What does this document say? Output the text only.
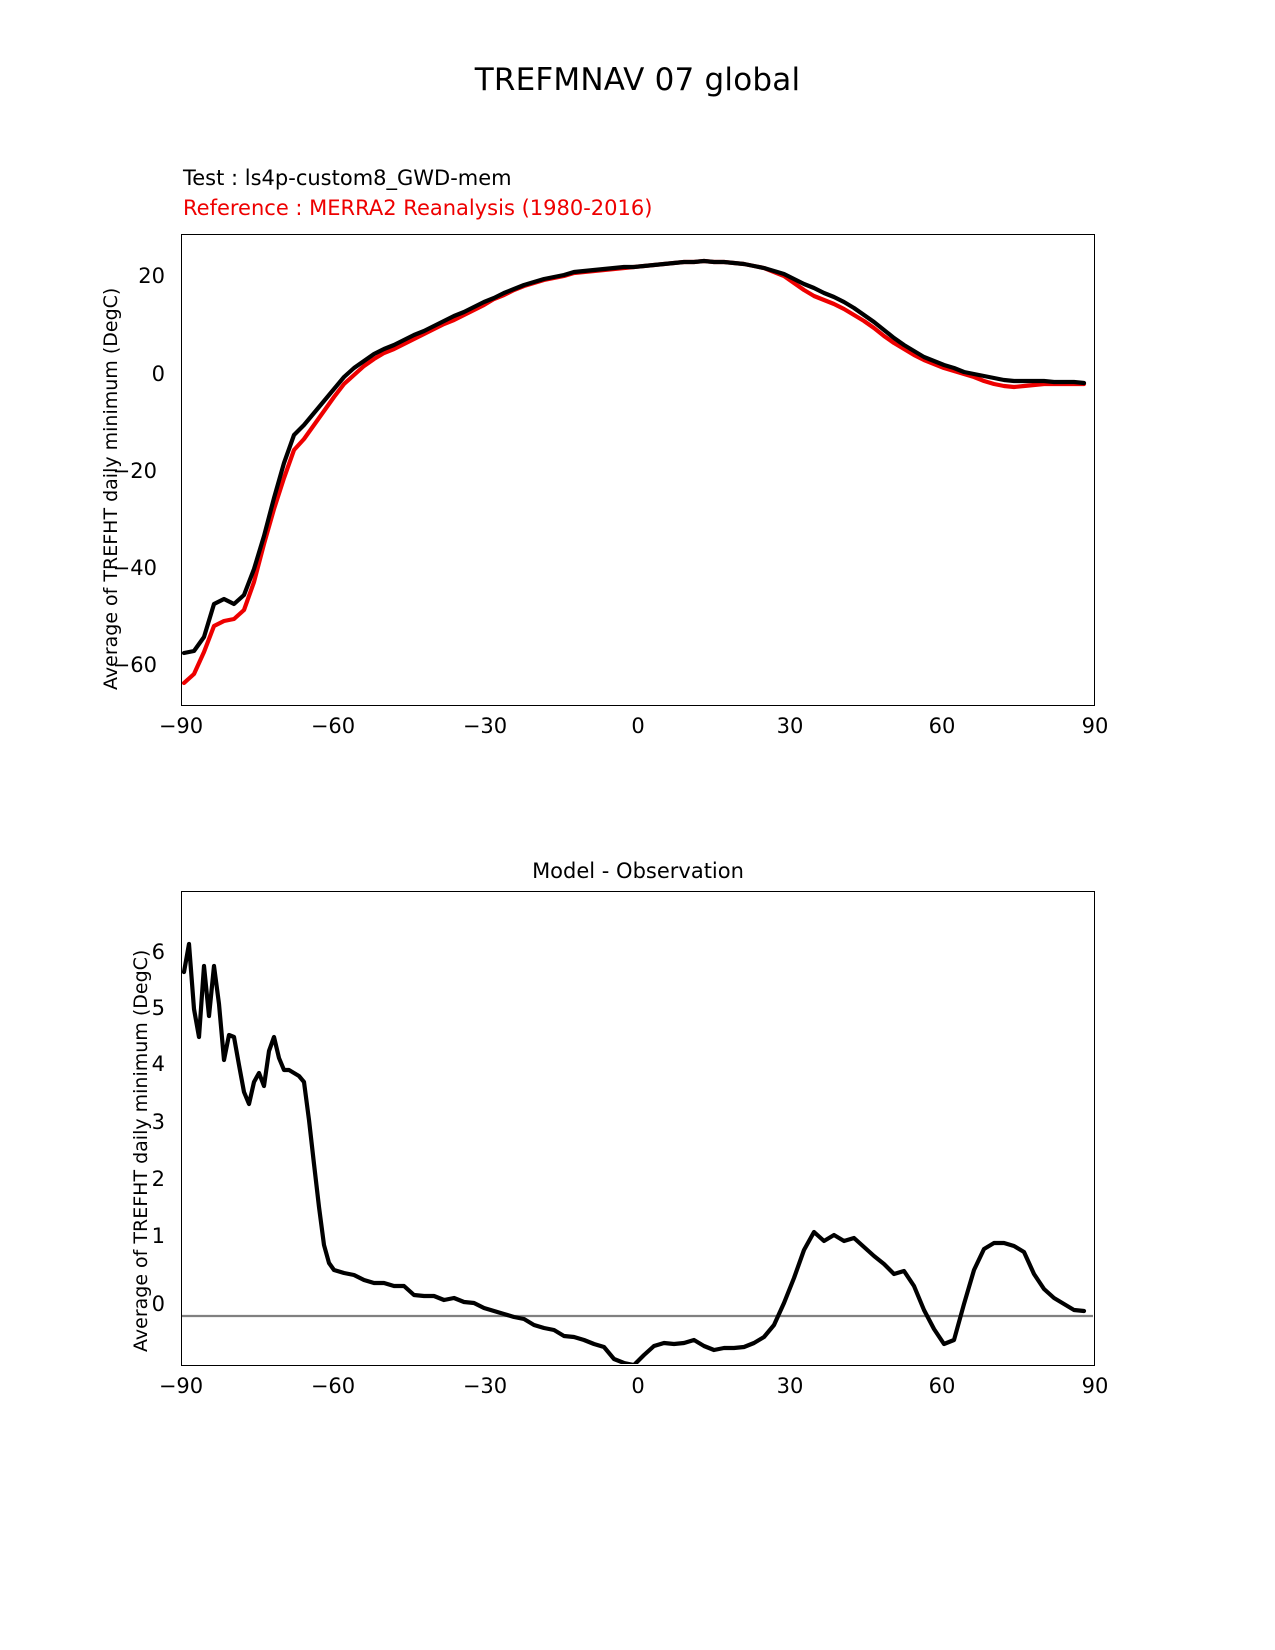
TREFMNAV 07 global
Test : ls4p-custom8_GWD-mem
Reference : MERRA2 Reanalysis (1980-2016)
Average of TREFHT daily minimum (DegC)
20
0
−20
−40
−60
−90	−60	−30	0	30	60	90
Model - Observation
Average of TREFHT daily minimum (DegC) 6
5
4
3
2
1
0
−90	−60	−30	0	30	60	90
